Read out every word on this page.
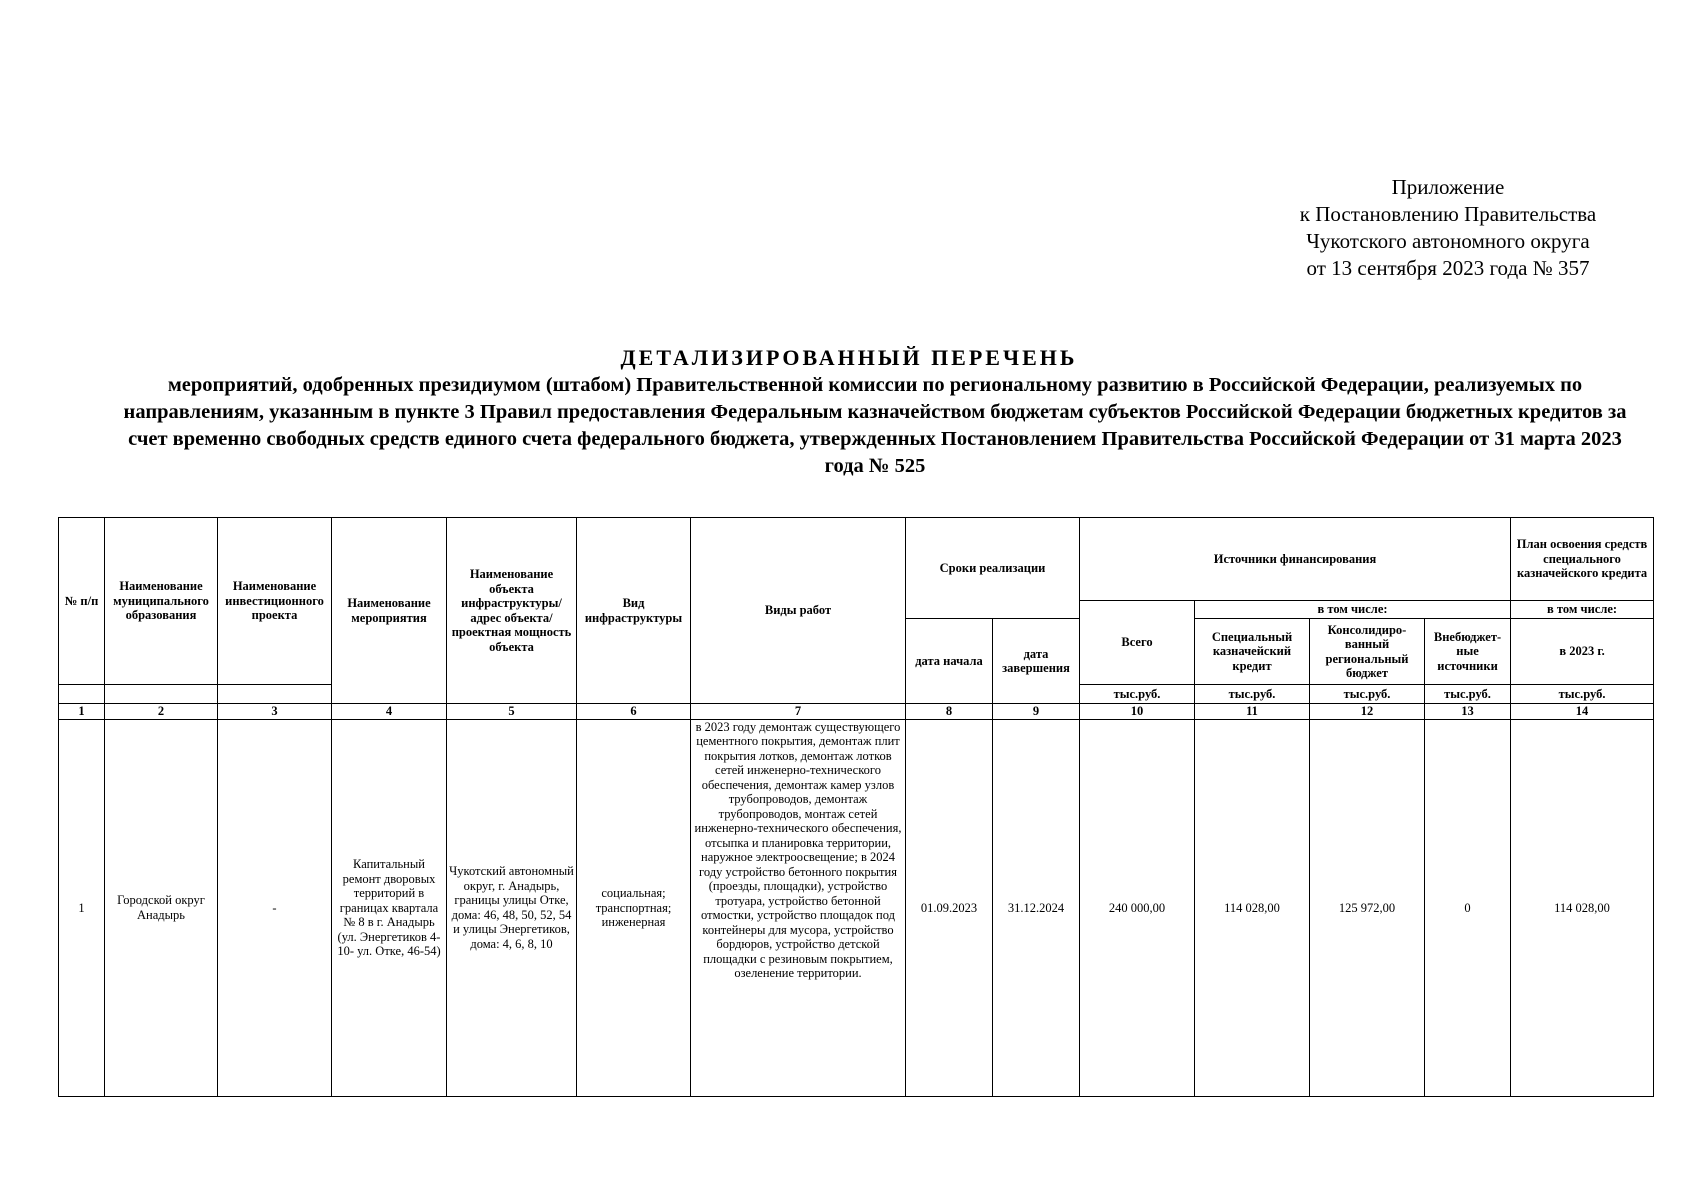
Приложение
к Постановлению Правительства
Чукотского автономного округа
от 13 сентября 2023 года № 357
ДЕТАЛИЗИРОВАННЫЙ ПЕРЕЧЕНЬ
мероприятий, одобренных президиумом (штабом) Правительственной комиссии по региональному развитию в Российской Федерации, реализуемых по направлениям, указанным в пункте 3 Правил предоставления Федеральным казначейством бюджетам субъектов Российской Федерации бюджетных кредитов за счет временно свободных средств единого счета федерального бюджета, утвержденных Постановлением Правительства Российской Федерации от 31 марта 2023 года № 525
№ п/п	Наименование муниципального образования	Наименование инвестиционного проекта	Наименование мероприятия	Наименование объекта инфраструктуры/ адрес объекта/ проектная мощность объекта	Вид инфраструктуры	Виды работ	Сроки реализации		Источники финансирования				План освоения средств специального казначейского кредита
									Всего	в том числе:			в том числе:
							дата начала	дата завершения		Специальный казначейский кредит	Консолидиро-ванный региональный бюджет	Внебюджет-ные источники	в 2023 г.
									тыс.руб.	тыс.руб.	тыс.руб.	тыс.руб.	тыс.руб.
1	2	3	4	5	6	7	8	9	10	11	12	13	14
1	Городской округ Анадырь	-	Капитальный ремонт дворовых территорий в границах квартала № 8 в г. Анадырь (ул. Энергетиков 4-10- ул. Отке, 46-54)	Чукотский автономный округ, г. Анадырь, границы улицы Отке, дома: 46, 48, 50, 52, 54 и улицы Энергетиков, дома: 4, 6, 8, 10	социальная; транспортная; инженерная	в 2023 году демонтаж существующего цементного покрытия, демонтаж плит покрытия лотков, демонтаж лотков сетей инженерно-технического обеспечения, демонтаж камер узлов трубопроводов, демонтаж трубопроводов, монтаж сетей инженерно-технического обеспечения, отсыпка и планировка территории, наружное электроосвещение; в 2024 году устройство бетонного покрытия (проезды, площадки), устройство тротуара, устройство бетонной отмостки, устройство площадок под контейнеры для мусора, устройство бордюров, устройство детской площадки с резиновым покрытием, озеленение территории.	01.09.2023	31.12.2024	240 000,00	114 028,00	125 972,00	0	114 028,00
